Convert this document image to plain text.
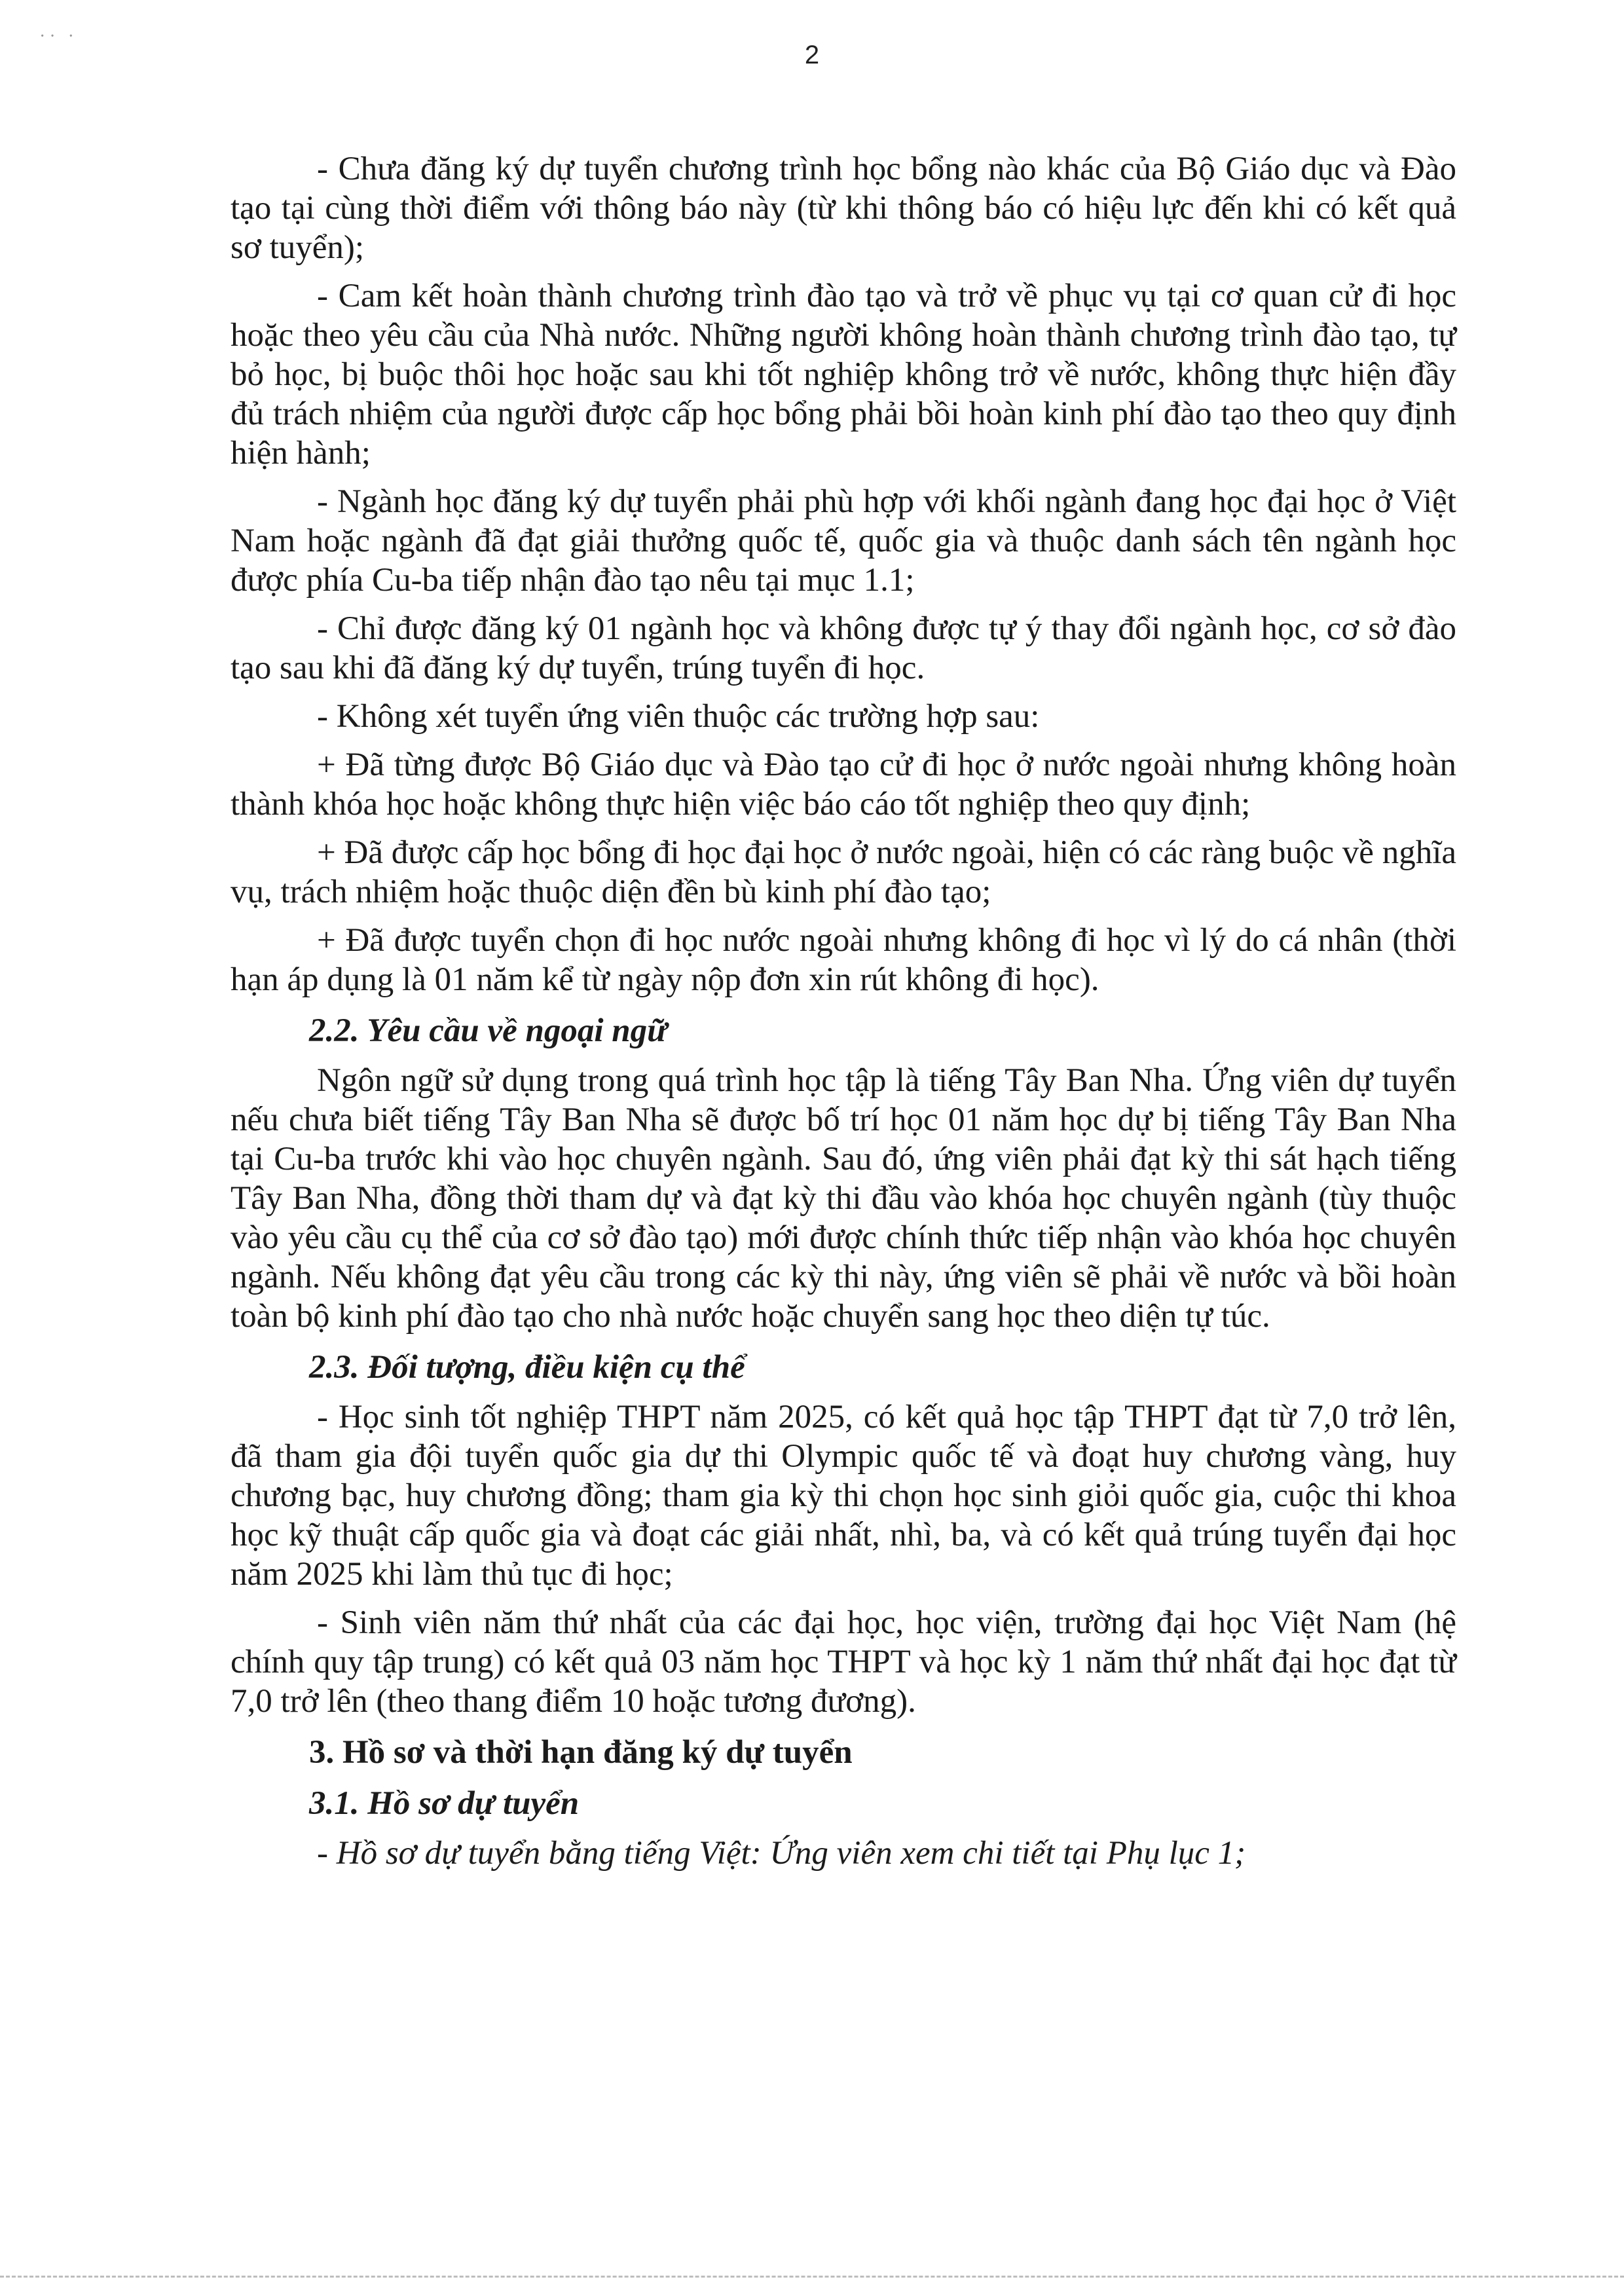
·· ·
2

- Chưa đăng ký dự tuyển chương trình học bổng nào khác của Bộ Giáo dục và Đào tạo tại cùng thời điểm với thông báo này (từ khi thông báo có hiệu lực đến khi có kết quả sơ tuyển);

- Cam kết hoàn thành chương trình đào tạo và trở về phục vụ tại cơ quan cử đi học hoặc theo yêu cầu của Nhà nước. Những người không hoàn thành chương trình đào tạo, tự bỏ học, bị buộc thôi học hoặc sau khi tốt nghiệp không trở về nước, không thực hiện đầy đủ trách nhiệm của người được cấp học bổng phải bồi hoàn kinh phí đào tạo theo quy định hiện hành;

- Ngành học đăng ký dự tuyển phải phù hợp với khối ngành đang học đại học ở Việt Nam hoặc ngành đã đạt giải thưởng quốc tế, quốc gia và thuộc danh sách tên ngành học được phía Cu-ba tiếp nhận đào tạo nêu tại mục 1.1;

- Chỉ được đăng ký 01 ngành học và không được tự ý thay đổi ngành học, cơ sở đào tạo sau khi đã đăng ký dự tuyển, trúng tuyển đi học.

- Không xét tuyển ứng viên thuộc các trường hợp sau:

+ Đã từng được Bộ Giáo dục và Đào tạo cử đi học ở nước ngoài nhưng không hoàn thành khóa học hoặc không thực hiện việc báo cáo tốt nghiệp theo quy định;

+ Đã được cấp học bổng đi học đại học ở nước ngoài, hiện có các ràng buộc về nghĩa vụ, trách nhiệm hoặc thuộc diện đền bù kinh phí đào tạo;

+ Đã được tuyển chọn đi học nước ngoài nhưng không đi học vì lý do cá nhân (thời hạn áp dụng là 01 năm kể từ ngày nộp đơn xin rút không đi học).

2.2. Yêu cầu về ngoại ngữ

Ngôn ngữ sử dụng trong quá trình học tập là tiếng Tây Ban Nha. Ứng viên dự tuyển nếu chưa biết tiếng Tây Ban Nha sẽ được bố trí học 01 năm học dự bị tiếng Tây Ban Nha tại Cu-ba trước khi vào học chuyên ngành. Sau đó, ứng viên phải đạt kỳ thi sát hạch tiếng Tây Ban Nha, đồng thời tham dự và đạt kỳ thi đầu vào khóa học chuyên ngành (tùy thuộc vào yêu cầu cụ thể của cơ sở đào tạo) mới được chính thức tiếp nhận vào khóa học chuyên ngành. Nếu không đạt yêu cầu trong các kỳ thi này, ứng viên sẽ phải về nước và bồi hoàn toàn bộ kinh phí đào tạo cho nhà nước hoặc chuyển sang học theo diện tự túc.

2.3. Đối tượng, điều kiện cụ thể

- Học sinh tốt nghiệp THPT năm 2025, có kết quả học tập THPT đạt từ 7,0 trở lên, đã tham gia đội tuyển quốc gia dự thi Olympic quốc tế và đoạt huy chương vàng, huy chương bạc, huy chương đồng; tham gia kỳ thi chọn học sinh giỏi quốc gia, cuộc thi khoa học kỹ thuật cấp quốc gia và đoạt các giải nhất, nhì, ba, và có kết quả trúng tuyển đại học năm 2025 khi làm thủ tục đi học;

- Sinh viên năm thứ nhất của các đại học, học viện, trường đại học Việt Nam (hệ chính quy tập trung) có kết quả 03 năm học THPT và học kỳ 1 năm thứ nhất đại học đạt từ 7,0 trở lên (theo thang điểm 10 hoặc tương đương).

3. Hồ sơ và thời hạn đăng ký dự tuyển
3.1. Hồ sơ dự tuyển

- Hồ sơ dự tuyển bằng tiếng Việt: Ứng viên xem chi tiết tại Phụ lục 1;
